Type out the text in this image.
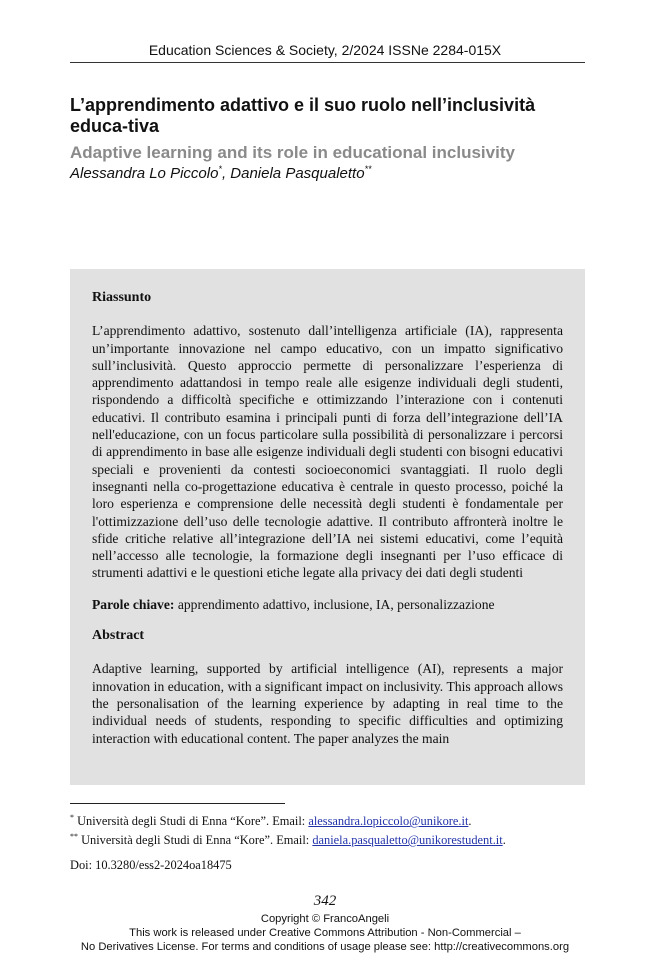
Education Sciences & Society, 2/2024 ISSNe 2284-015X
L’apprendimento adattivo e il suo ruolo nell’inclusività educa-tiva
Adaptive learning and its role in educational inclusivity
Alessandra Lo Piccolo*, Daniela Pasqualetto**
Riassunto

L’apprendimento adattivo, sostenuto dall’intelligenza artificiale (IA), rappresenta un’importante innovazione nel campo educativo, con un impatto significativo sull’inclusività. Questo approccio permette di personalizzare l’esperienza di apprendimento adattandosi in tempo reale alle esigenze individuali degli studenti, rispondendo a difficoltà specifiche e ottimizzando l’interazione con i contenuti educativi. Il contributo esamina i principali punti di forza dell’integrazione dell’IA nell'educazione, con un focus particolare sulla possibilità di personalizzare i percorsi di apprendimento in base alle esigenze individuali degli studenti con bisogni educativi speciali e provenienti da contesti socioeconomici svantaggiati. Il ruolo degli insegnanti nella co-progettazione educativa è centrale in questo processo, poiché la loro esperienza e comprensione delle necessità degli studenti è fondamentale per l'ottimizzazione dell’uso delle tecnologie adattive. Il contributo affronterà inoltre le sfide critiche relative all’integrazione dell’IA nei sistemi educativi, come l’equità nell’accesso alle tecnologie, la formazione degli insegnanti per l’uso efficace di strumenti adattivi e le questioni etiche legate alla privacy dei dati degli studenti

Parole chiave: apprendimento adattivo, inclusione, IA, personalizzazione

Abstract

Adaptive learning, supported by artificial intelligence (AI), represents a major innovation in education, with a significant impact on inclusivity. This approach allows the personalisation of the learning experience by adapting in real time to the individual needs of students, responding to specific difficulties and optimizing interaction with educational content. The paper analyzes the main

* Università degli Studi di Enna “Kore”. Email: alessandra.lopiccolo@unikore.it.
** Università degli Studi di Enna “Kore”. Email: daniela.pasqualetto@unikorestudent.it.
Doi: 10.3280/ess2-2024oa18475
342
Copyright © FrancoAngeli
This work is released under Creative Commons Attribution - Non-Commercial –
No Derivatives License. For terms and conditions of usage please see: http://creativecommons.org
